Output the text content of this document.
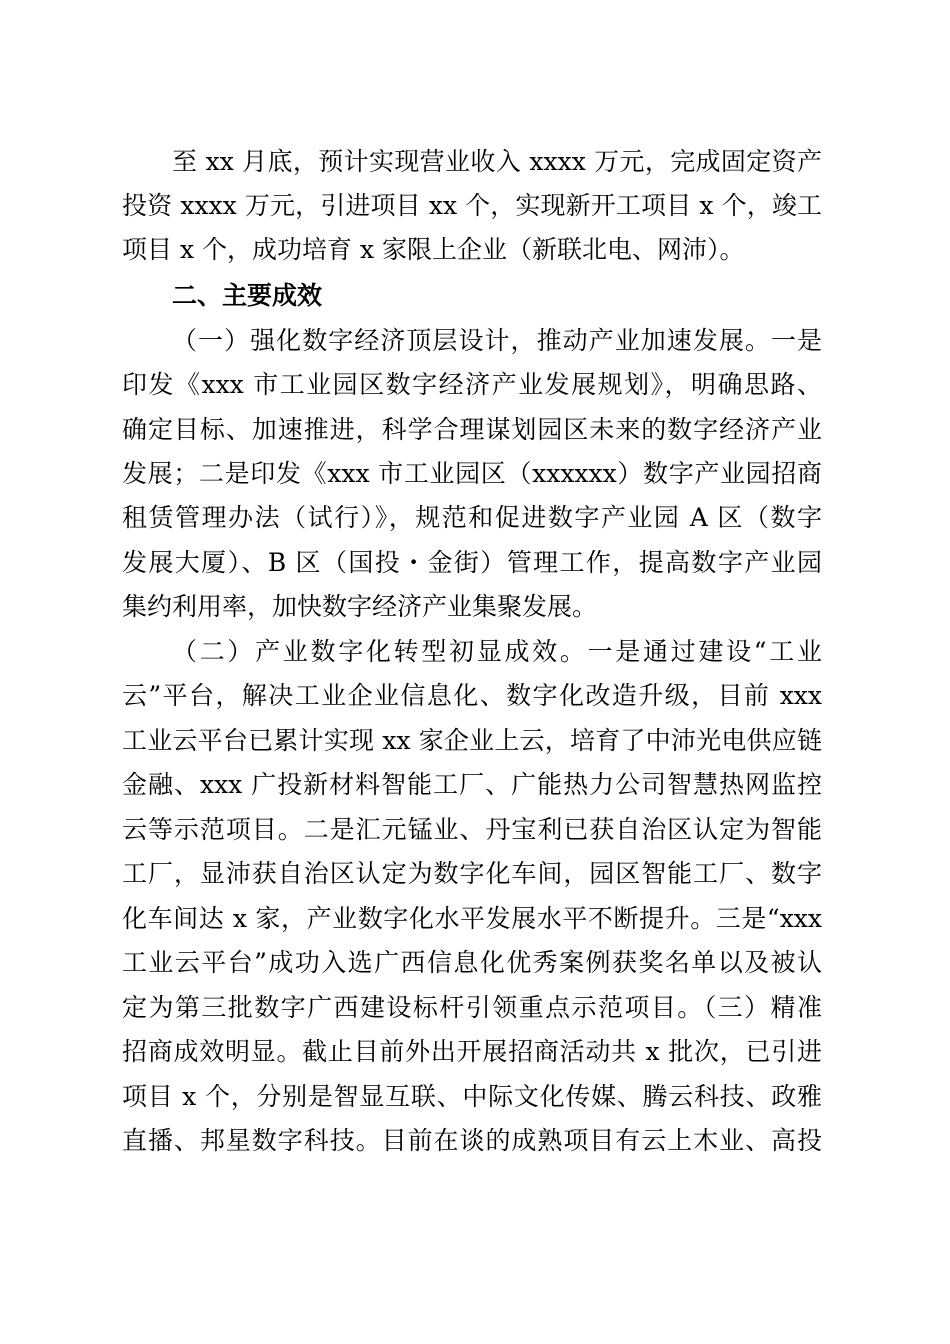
至 xx 月底，预计实现营业收入 xxxx 万元，完成固定资产
投资 xxxx 万元，引进项目 xx 个，实现新开工项目 x 个，竣工
项目 x 个，成功培育 x 家限上企业（新联北电、网沛）。
二、主要成效
（一）强化数字经济顶层设计，推动产业加速发展。一是
印发《xxx 市工业园区数字经济产业发展规划》，明确思路、
确定目标、加速推进，科学合理谋划园区未来的数字经济产业
发展；二是印发《xxx 市工业园区（xxxxxx）数字产业园招商
租赁管理办法（试行）》，规范和促进数字产业园 A 区（数字
发展大厦）、B 区（国投・金街）管理工作，提高数字产业园
集约利用率，加快数字经济产业集聚发展。
（二）产业数字化转型初显成效。一是通过建设“工业
云”平台，解决工业企业信息化、数字化改造升级，目前 xxx
工业云平台已累计实现 xx 家企业上云，培育了中沛光电供应链
金融、xxx 广投新材料智能工厂、广能热力公司智慧热网监控
云等示范项目。二是汇元锰业、丹宝利已获自治区认定为智能
工厂，显沛获自治区认定为数字化车间，园区智能工厂、数字
化车间达 x 家，产业数字化水平发展水平不断提升。三是“xxx
工业云平台”成功入选广西信息化优秀案例获奖名单以及被认
定为第三批数字广西建设标杆引领重点示范项目。（三）精准
招商成效明显。截止目前外出开展招商活动共 x 批次，已引进
项目 x 个，分别是智显互联、中际文化传媒、腾云科技、政雅
直播、邦星数字科技。目前在谈的成熟项目有云上木业、高投
